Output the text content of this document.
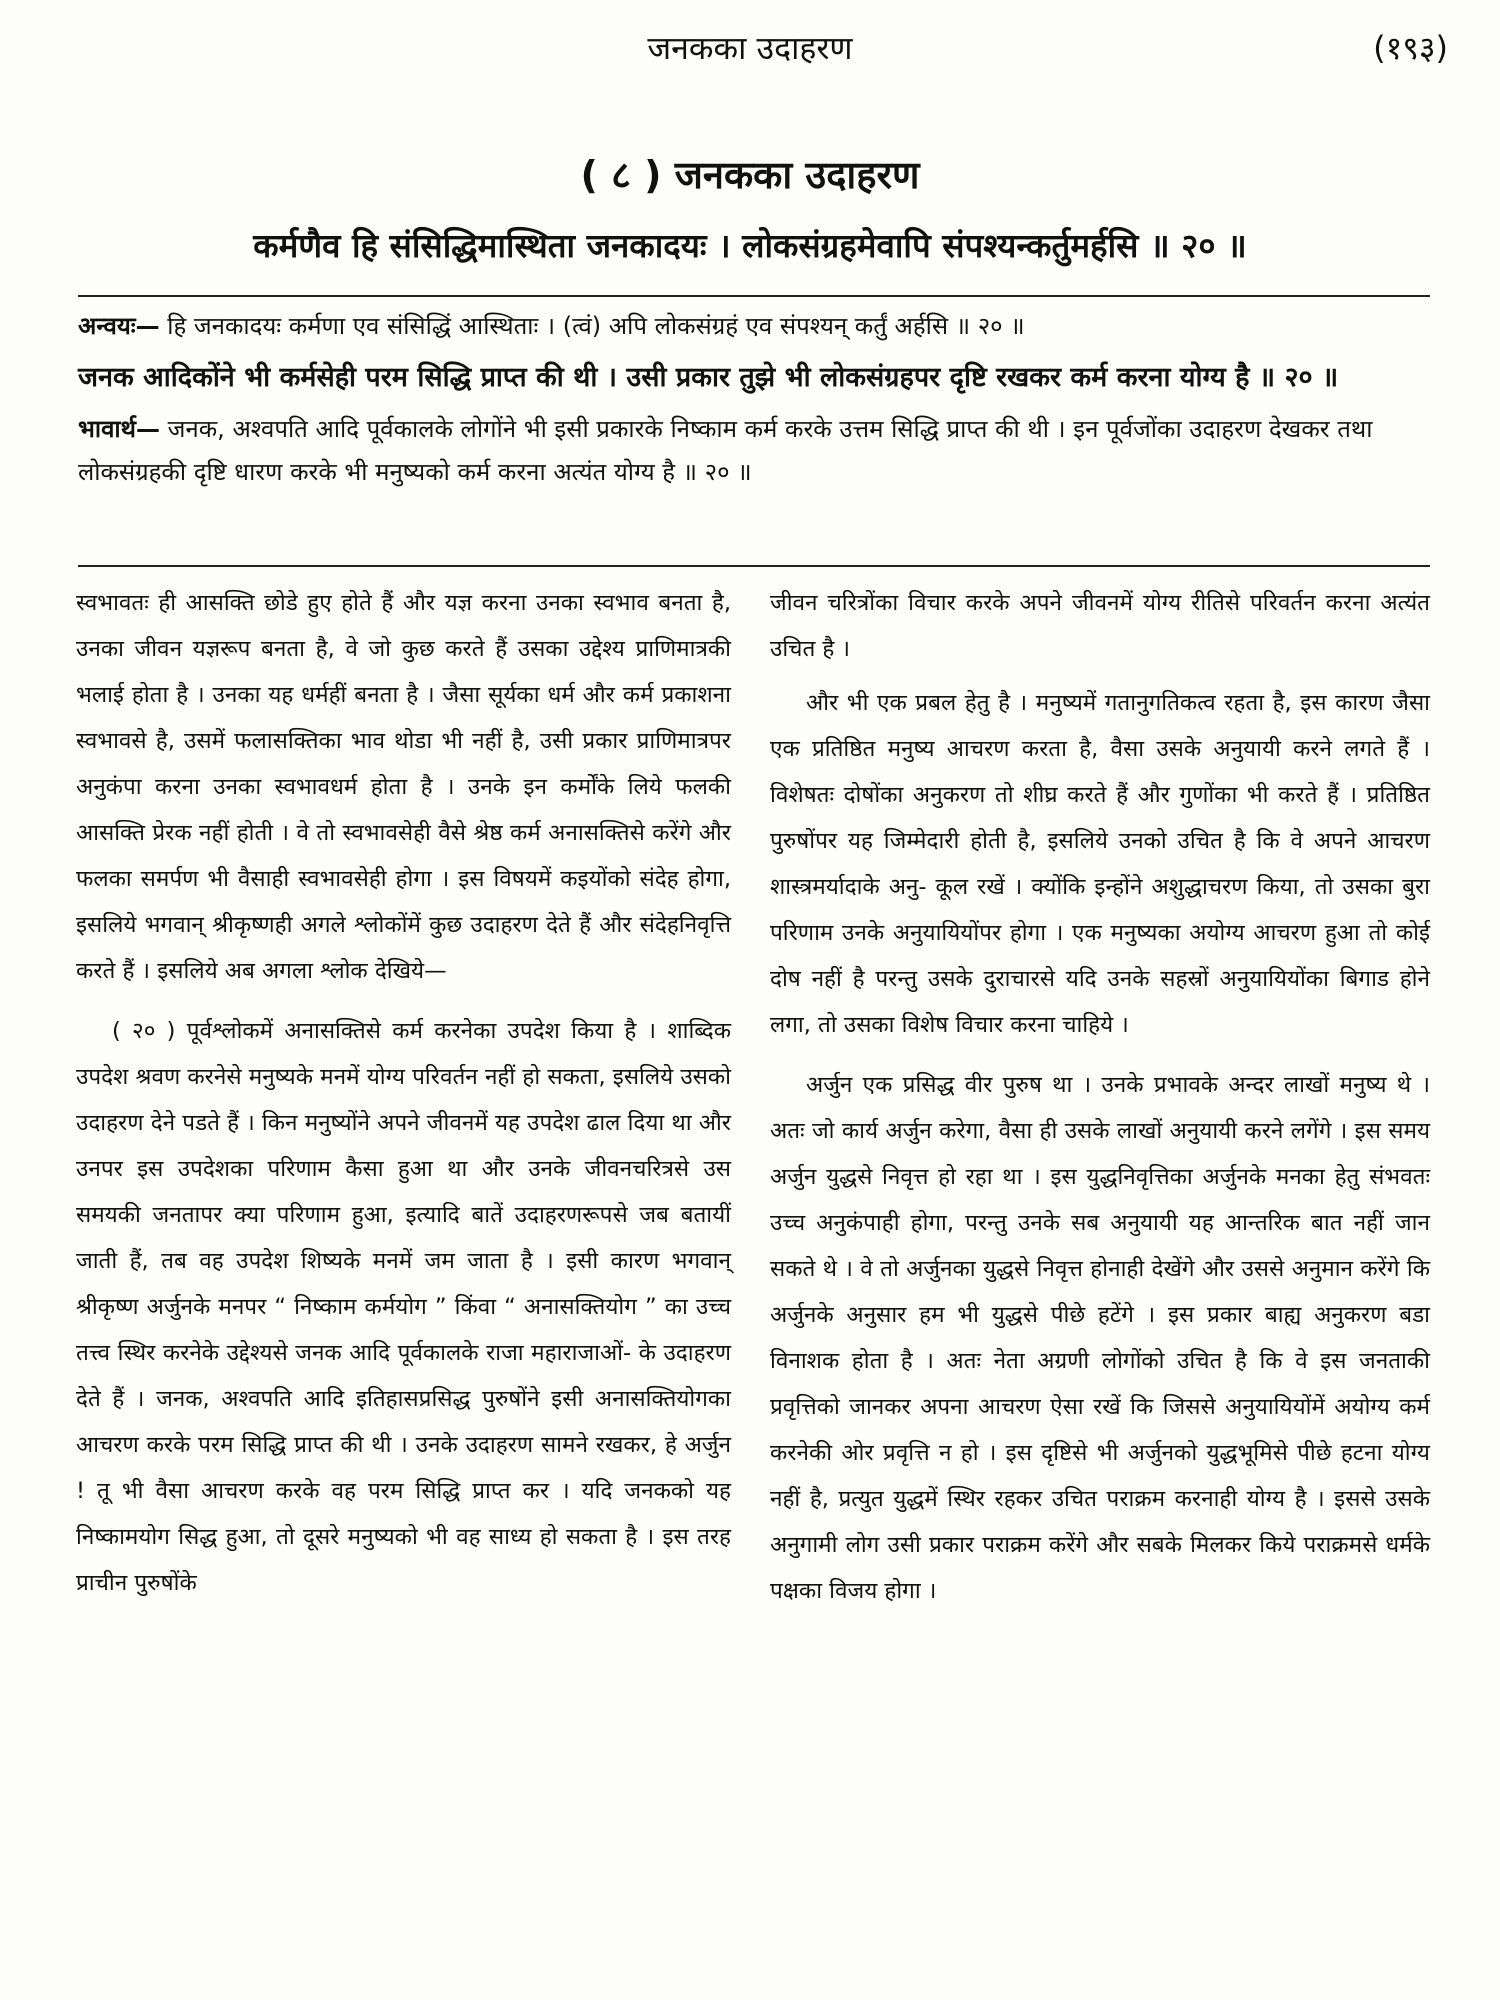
जनकका उदाहरण	(१९३)
( ८ ) जनकका उदाहरण
कर्मणैव हि संसिद्धिमास्थिता जनकादयः । लोकसंग्रहमेवापि संपश्यन्कर्तुमर्हसि ॥ २० ॥

अन्वयः— हि जनकादयः कर्मणा एव संसिद्धिं आस्थिताः । (त्वं) अपि लोकसंग्रहं एव संपश्यन् कर्तुं अर्हसि ॥ २० ॥

जनक आदिकोंने भी कर्मसेही परम सिद्धि प्राप्त की थी । उसी प्रकार तुझे भी लोकसंग्रहपर दृष्टि रखकर कर्म करना योग्य है ॥ २० ॥

भावार्थ— जनक, अश्वपति आदि पूर्वकालके लोगोंने भी इसी प्रकारके निष्काम कर्म करके उत्तम सिद्धि प्राप्त की थी । इन पूर्वजोंका उदाहरण देखकर तथा लोकसंग्रहकी दृष्टि धारण करके भी मनुष्यको कर्म करना अत्यंत योग्य है ॥ २० ॥

स्वभावतः ही आसक्ति छोडे हुए होते हैं और यज्ञ करना उनका स्वभाव बनता है, उनका जीवन यज्ञरूप बनता है, वे जो कुछ करते हैं उसका उद्देश्य प्राणिमात्रकी भलाई होता है । उनका यह धर्महीं बनता है । जैसा सूर्यका धर्म और कर्म प्रकाशना स्वभावसे है, उसमें फलासक्तिका भाव थोडा भी नहीं है, उसी प्रकार प्राणिमात्रपर अनुकंपा करना उनका स्वभावधर्म होता है । उनके इन कर्मोंके लिये फलकी आसक्ति प्रेरक नहीं होती । वे तो स्वभावसेही वैसे श्रेष्ठ कर्म अनासक्तिसे करेंगे और फलका समर्पण भी वैसाही स्वभावसेही होगा । इस विषयमें कइयोंको संदेह होगा, इसलिये भगवान् श्रीकृष्णही अगले श्लोकोंमें कुछ उदाहरण देते हैं और संदेहनिवृत्ति करते हैं । इसलिये अब अगला श्लोक देखिये—

( २० ) पूर्वश्लोकमें अनासक्तिसे कर्म करनेका उपदेश किया है । शाब्दिक उपदेश श्रवण करनेसे मनुष्यके मनमें योग्य परिवर्तन नहीं हो सकता, इसलिये उसको उदाहरण देने पडते हैं । किन मनुष्योंने अपने जीवनमें यह उपदेश ढाल दिया था और उनपर इस उपदेशका परिणाम कैसा हुआ था और उनके जीवनचरित्रसे उस समयकी जनतापर क्या परिणाम हुआ, इत्यादि बातें उदाहरणरूपसे जब बतायीं जाती हैं, तब वह उपदेश शिष्यके मनमें जम जाता है । इसी कारण भगवान् श्रीकृष्ण अर्जुनके मनपर “ निष्काम कर्मयोग ” किंवा “ अनासक्तियोग ” का उच्च तत्त्व स्थिर करनेके उद्देश्यसे जनक आदि पूर्वकालके राजा महाराजाओं- के उदाहरण देते हैं । जनक, अश्वपति आदि इतिहासप्रसिद्ध पुरुषोंने इसी अनासक्तियोगका आचरण करके परम सिद्धि प्राप्त की थी । उनके उदाहरण सामने रखकर, हे अर्जुन ! तू भी वैसा आचरण करके वह परम सिद्धि प्राप्त कर । यदि जनकको यह निष्कामयोग सिद्ध हुआ, तो दूसरे मनुष्यको भी वह साध्य हो सकता है । इस तरह प्राचीन पुरुषोंके

जीवन चरित्रोंका विचार करके अपने जीवनमें योग्य रीतिसे परिवर्तन करना अत्यंत उचित है ।

और भी एक प्रबल हेतु है । मनुष्यमें गतानुगतिकत्व रहता है, इस कारण जैसा एक प्रतिष्ठित मनुष्य आचरण करता है, वैसा उसके अनुयायी करने लगते हैं । विशेषतः दोषोंका अनुकरण तो शीघ्र करते हैं और गुणोंका भी करते हैं । प्रतिष्ठित पुरुषोंपर यह जिम्मेदारी होती है, इसलिये उनको उचित है कि वे अपने आचरण शास्त्रमर्यादाके अनु- कूल रखें । क्योंकि इन्होंने अशुद्धाचरण किया, तो उसका बुरा परिणाम उनके अनुयायियोंपर होगा । एक मनुष्यका अयोग्य आचरण हुआ तो कोई दोष नहीं है परन्तु उसके दुराचारसे यदि उनके सहस्रों अनुयायियोंका बिगाड होने लगा, तो उसका विशेष विचार करना चाहिये ।

अर्जुन एक प्रसिद्ध वीर पुरुष था । उनके प्रभावके अन्दर लाखों मनुष्य थे । अतः जो कार्य अर्जुन करेगा, वैसा ही उसके लाखों अनुयायी करने लगेंगे । इस समय अर्जुन युद्धसे निवृत्त हो रहा था । इस युद्धनिवृत्तिका अर्जुनके मनका हेतु संभवतः उच्च अनुकंपाही होगा, परन्तु उनके सब अनुयायी यह आन्तरिक बात नहीं जान सकते थे । वे तो अर्जुनका युद्धसे निवृत्त होनाही देखेंगे और उससे अनुमान करेंगे कि अर्जुनके अनुसार हम भी युद्धसे पीछे हटेंगे । इस प्रकार बाह्य अनुकरण बडा विनाशक होता है । अतः नेता अग्रणी लोगोंको उचित है कि वे इस जनताकी प्रवृत्तिको जानकर अपना आचरण ऐसा रखें कि जिससे अनुयायियोंमें अयोग्य कर्म करनेकी ओर प्रवृत्ति न हो । इस दृष्टिसे भी अर्जुनको युद्धभूमिसे पीछे हटना योग्य नहीं है, प्रत्युत युद्धमें स्थिर रहकर उचित पराक्रम करनाही योग्य है । इससे उसके अनुगामी लोग उसी प्रकार पराक्रम करेंगे और सबके मिलकर किये पराक्रमसे धर्मके पक्षका विजय होगा ।
